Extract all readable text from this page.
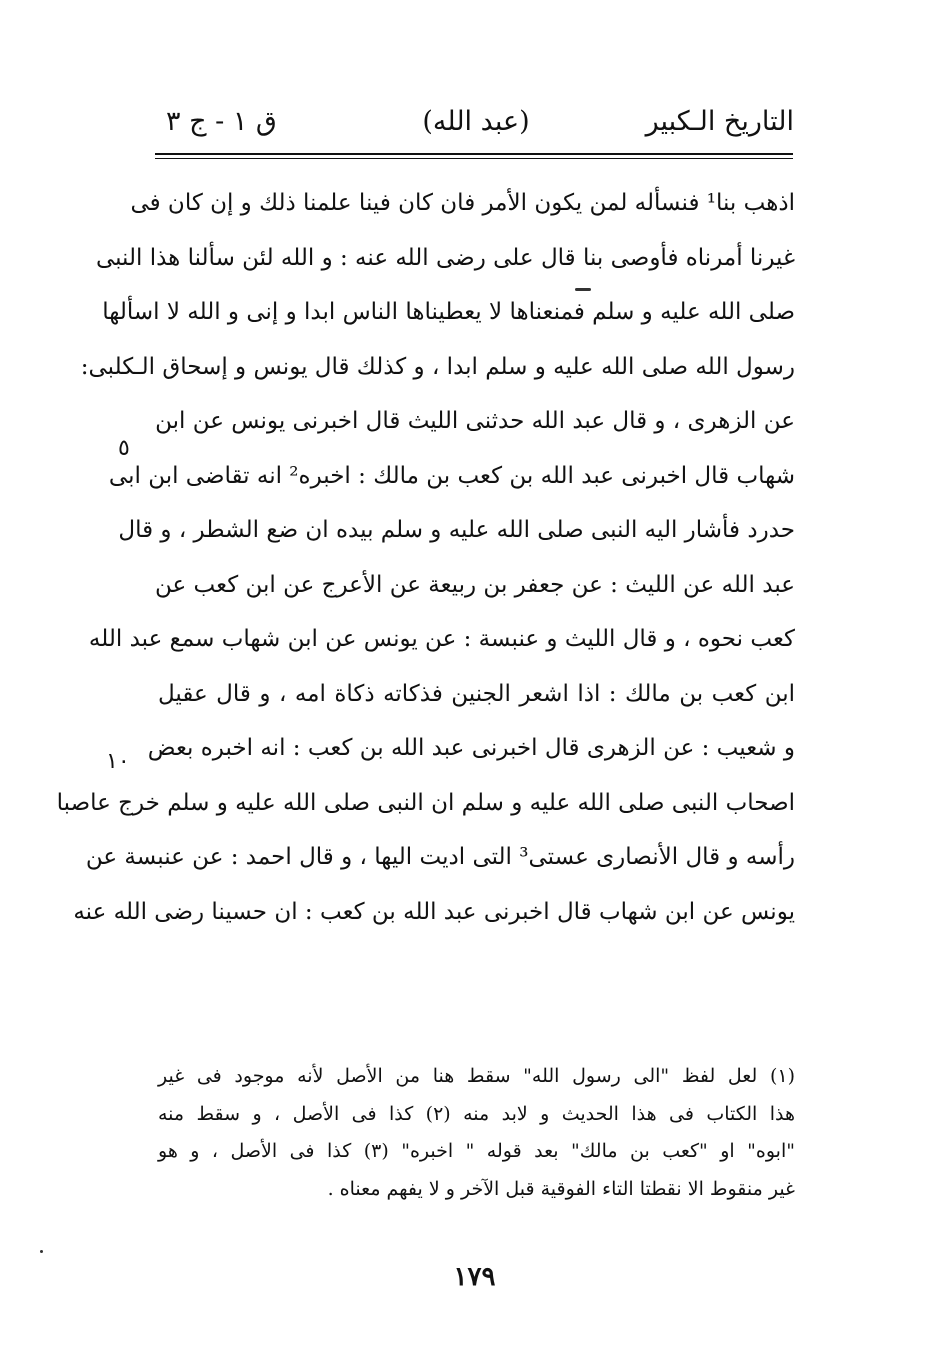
التاريخ الـكبير
(عبد الله)
ق ١ - ج ٣
اذهب بنا¹ فنسأله لمن يكون الأمر فان كان فينا علمنا ذلك و إن كان فى
غيرنا أمرناه فأوصى بنا قال على رضى الله عنه : و الله لئن سألنا هذا النبى
صلى الله عليه و سلم فمنعناها لا يعطيناها الناس ابدا و إنى و الله لا اسألها
رسول الله صلى الله عليه و سلم ابدا ، و كذلك قال يونس و إسحاق الـكلبى:
عن الزهرى ، و قال عبد الله حدثنى الليث قال اخبرنى يونس عن ابن
شهاب قال اخبرنى عبد الله بن كعب بن مالك : اخبره² انه تقاضى ابن ابى
حدرد فأشار اليه النبى صلى الله عليه و سلم بيده ان ضع الشطر ، و قال
عبد الله عن الليث : عن جعفر بن ربيعة عن الأعرج عن ابن كعب عن
كعب نحوه ، و قال الليث و عنبسة : عن يونس عن ابن شهاب سمع عبد الله
ابن كعب بن مالك : اذا اشعر الجنين فذكاته ذكاة امه ، و قال عقيل
و شعيب : عن الزهرى قال اخبرنى عبد الله بن كعب : انه اخبره بعض
اصحاب النبى صلى الله عليه و سلم ان النبى صلى الله عليه و سلم خرج عاصبا
رأسه و قال الأنصارى عستى³ التى اديت اليها ، و قال احمد : عن عنبسة عن
يونس عن ابن شهاب قال اخبرنى عبد الله بن كعب : ان حسينا رضى الله عنه
٥
١٠
(١) لعل لفظ "الى رسول الله" سقط هنا من الأصل لأنه موجود فى غير
هذا الكتاب فى هذا الحديث و لابد منه (٢) كذا فى الأصل ، و سقط منه
"ابوه" او "كعب بن مالك" بعد قوله " اخبره" (٣) كذا فى الأصل ، و هو
غير منقوط الا نقطتا التاء الفوقية قبل الآخر و لا يفهم معناه .
١٧٩
